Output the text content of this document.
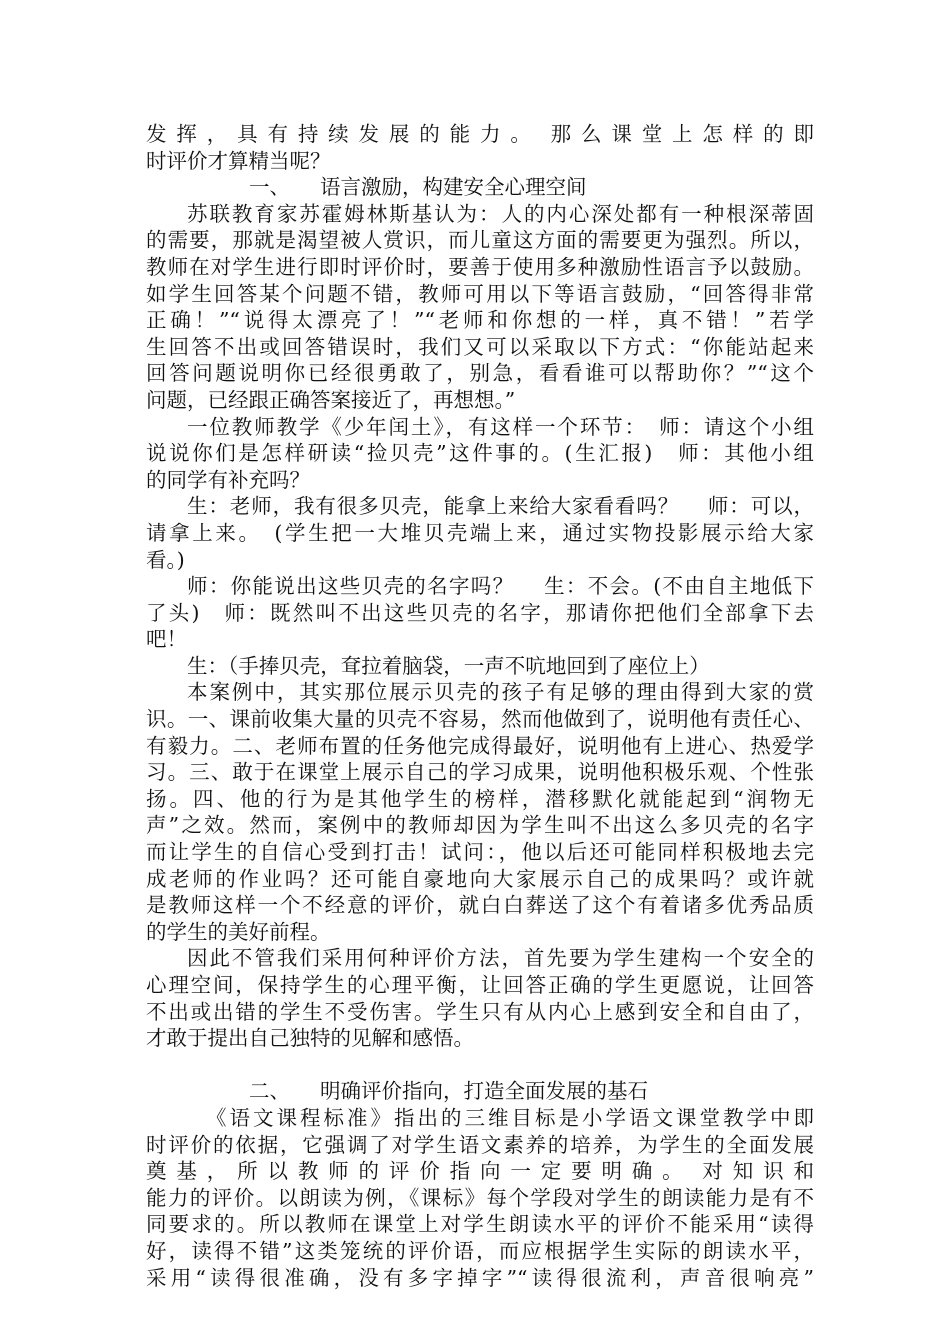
发挥，具有持续发展的能力。那么课堂上怎样的即
时评价才算精当呢？
一、 语言激励，构建安全心理空间
苏联教育家苏霍姆林斯基认为：人的内心深处都有一种根深蒂固
的需要，那就是渴望被人赏识，而儿童这方面的需要更为强烈。所以，
教师在对学生进行即时评价时，要善于使用多种激励性语言予以鼓励。
如学生回答某个问题不错，教师可用以下等语言鼓励，“回答得非常
正确！”“说得太漂亮了！”“老师和你想的一样，真不错！”若学
生回答不出或回答错误时，我们又可以采取以下方式：“你能站起来
回答问题说明你已经很勇敢了，别急，看看谁可以帮助你？”“这个
问题，已经跟正确答案接近了，再想想。”
一位教师教学《少年闰土》，有这样一个环节：　师：请这个小组
说说你们是怎样研读“捡贝壳”这件事的。(生汇报)　师：其他小组
的同学有补充吗？
生：老师，我有很多贝壳，能拿上来给大家看看吗？　 师：可以，
请拿上来。　(学生把一大堆贝壳端上来，通过实物投影展示给大家
看。)
师：你能说出这些贝壳的名字吗？　 生：不会。(不由自主地低下
了头)　师：既然叫不出这些贝壳的名字，那请你把他们全部拿下去
吧！
生：（手捧贝壳，耷拉着脑袋，一声不吭地回到了座位上）
本案例中，其实那位展示贝壳的孩子有足够的理由得到大家的赏
识。一、课前收集大量的贝壳不容易，然而他做到了，说明他有责任心、
有毅力。二、老师布置的任务他完成得最好，说明他有上进心、热爱学
习。三、敢于在课堂上展示自己的学习成果，说明他积极乐观、个性张
扬。四、他的行为是其他学生的榜样，潜移默化就能起到“润物无
声”之效。然而，案例中的教师却因为学生叫不出这么多贝壳的名字
而让学生的自信心受到打击！试问：，他以后还可能同样积极地去完
成老师的作业吗？还可能自豪地向大家展示自己的成果吗？或许就
是教师这样一个不经意的评价，就白白葬送了这个有着诸多优秀品质
的学生的美好前程。
因此不管我们采用何种评价方法，首先要为学生建构一个安全的
心理空间，保持学生的心理平衡，让回答正确的学生更愿说，让回答
不出或出错的学生不受伤害。学生只有从内心上感到安全和自由了，
才敢于提出自己独特的见解和感悟。
二、 明确评价指向，打造全面发展的基石
《语文课程标准》指出的三维目标是小学语文课堂教学中即
时评价的依据，它强调了对学生语文素养的培养，为学生的全面发展
奠基，所以教师的评价指向一定要明确。对知识和
能力的评价。以朗读为例，《课标》每个学段对学生的朗读能力是有不
同要求的。所以教师在课堂上对学生朗读水平的评价不能采用“读得
好，读得不错”这类笼统的评价语，而应根据学生实际的朗读水平，
采用“读得很准确，没有多字掉字”“读得很流利，声音很响亮”
